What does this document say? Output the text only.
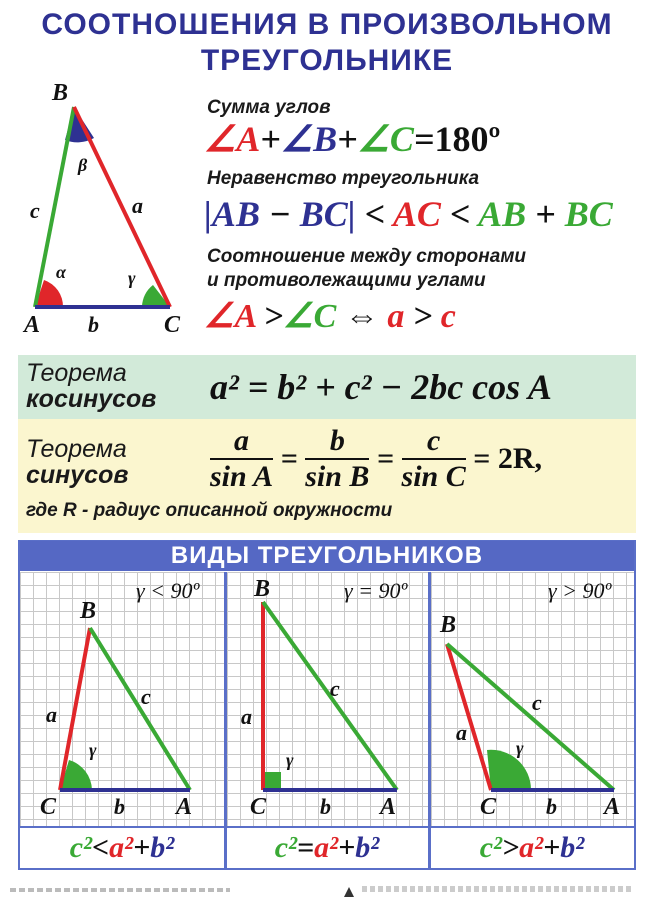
СООТНОШЕНИЯ В ПРОИЗВОЛЬНОМ
ТРЕУГОЛЬНИКЕ
B
A	C
c	a
b
α
β
γ
Сумма углов
∠A+∠B+∠C=180º
Неравенство треугольника
|AB − BC| < AC < AB + BC
Соотношение между сторонами
и противолежащими углами
∠A >∠C ⇔ a > c
Теорема
косинусов a² = b² + c² − 2bc cos A
Теорема
синусов	$\frac{a}{\text{sin A}} = \frac{b}{\text{sin B}} = \frac{c}{\text{sin C}} = 2R$,
где R - радиус описанной окружности
ВИДЫ ТРЕУГОЛЬНИКОВ
γ < 90º
B
C	A
a
c
b
γ
c²<a²+b²
γ = 90º
B
C	A
a
c
b
γ
c²=a²+b²
γ > 90º
B
C	A
a
c
b
γ
c²>a²+b²
